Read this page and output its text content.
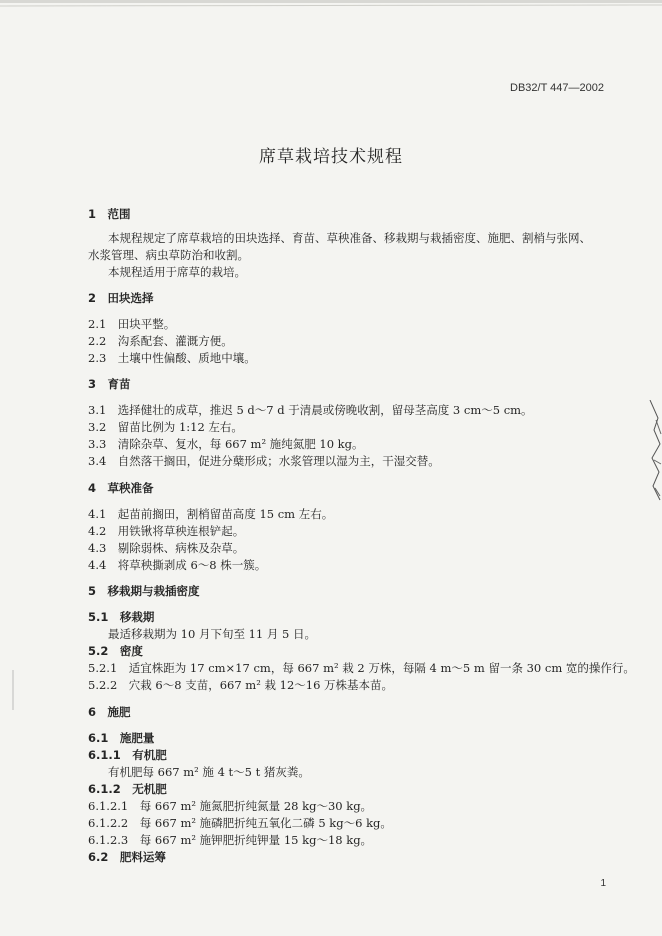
DB32/T 447—2002
席草栽培技术规程
1　范围
本规程规定了席草栽培的田块选择、育苗、草秧准备、移栽期与栽插密度、施肥、割梢与张网、
水浆管理、病虫草防治和收割。
本规程适用于席草的栽培。
2　田块选择
2.1　田块平整。
2.2　沟系配套、灌溉方便。
2.3　土壤中性偏酸、质地中壤。
3　育苗
3.1　选择健壮的成草，推迟 5 d～7 d 于清晨或傍晚收割，留母茎高度 3 cm～5 cm。
3.2　留苗比例为 1:12 左右。
3.3　清除杂草、复水，每 667 m² 施纯氮肥 10 kg。
3.4　自然落干搁田，促进分蘖形成；水浆管理以湿为主，干湿交替。
4　草秧准备
4.1　起苗前搁田，割梢留苗高度 15 cm 左右。
4.2　用铁锹将草秧连根铲起。
4.3　剔除弱株、病株及杂草。
4.4　将草秧撕剥成 6～8 株一簇。
5　移栽期与栽插密度
5.1　移栽期
最适移栽期为 10 月下旬至 11 月 5 日。
5.2　密度
5.2.1　适宜株距为 17 cm×17 cm，每 667 m² 栽 2 万株，每隔 4 m～5 m 留一条 30 cm 宽的操作行。
5.2.2　穴栽 6～8 支苗，667 m² 栽 12～16 万株基本苗。
6　施肥
6.1　施肥量
6.1.1　有机肥
有机肥每 667 m² 施 4 t～5 t 猪灰粪。
6.1.2　无机肥
6.1.2.1　每 667 m² 施氮肥折纯氮量 28 kg～30 kg。
6.1.2.2　每 667 m² 施磷肥折纯五氧化二磷 5 kg～6 kg。
6.1.2.3　每 667 m² 施钾肥折纯钾量 15 kg～18 kg。
6.2　肥料运筹
1
